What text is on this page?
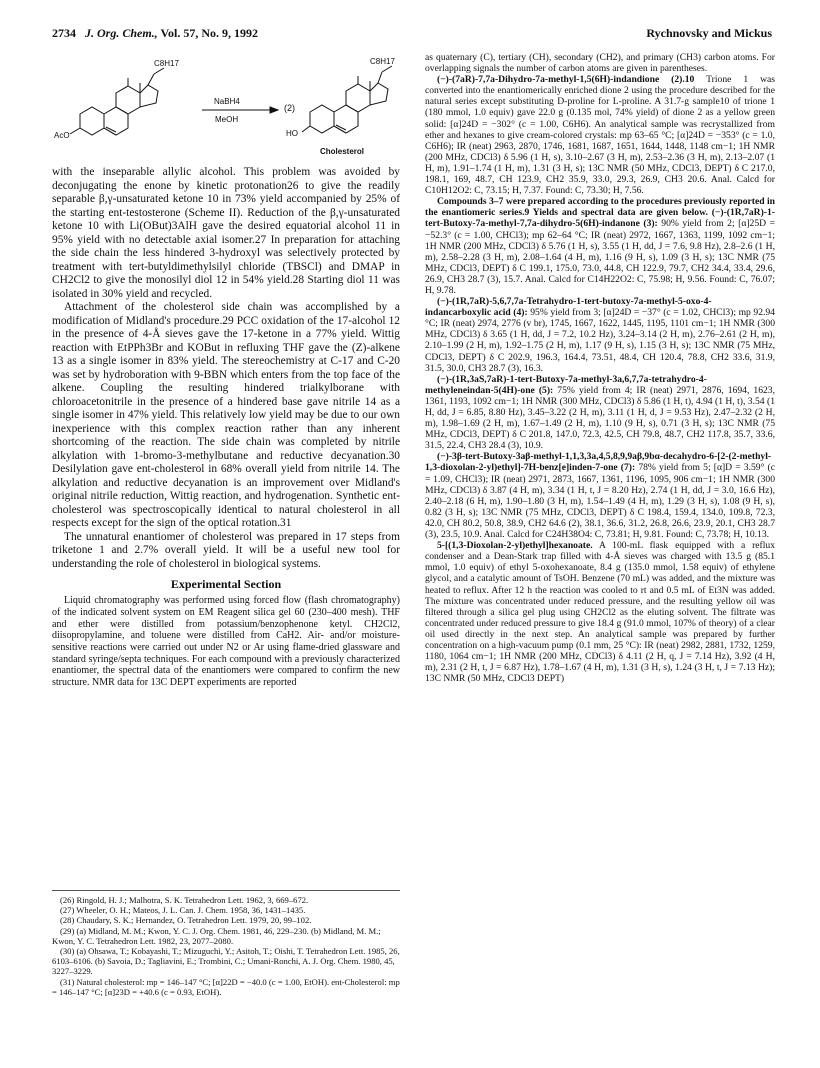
2734 J. Org. Chem., Vol. 57, No. 9, 1992	Rychnovsky and Mickus
C8H17	C8H17
NaBH4
MeOH
(2)
AcO	HO
Cholesterol

with the inseparable allylic alcohol. This problem was avoided by deconjugating the enone by kinetic protonation26 to give the readily separable β,γ-unsaturated ketone 10 in 73% yield accompanied by 25% of the starting ent-testosterone (Scheme II). Reduction of the β,γ-unsaturated ketone 10 with Li(OBut)3AlH gave the desired equatorial alcohol 11 in 95% yield with no detectable axial isomer.27 In preparation for attaching the side chain the less hindered 3-hydroxyl was selectively protected by treatment with tert-butyldimethylsilyl chloride (TBSCl) and DMAP in CH2Cl2 to give the monosilyl diol 12 in 54% yield.28 Starting diol 11 was isolated in 30% yield and recycled.

Attachment of the cholesterol side chain was accomplished by a modification of Midland's procedure.29 PCC oxidation of the 17-alcohol 12 in the presence of 4-Å sieves gave the 17-ketone in a 77% yield. Wittig reaction with EtPPh3Br and KOBut in refluxing THF gave the (Z)-alkene 13 as a single isomer in 83% yield. The stereochemistry at C-17 and C-20 was set by hydroboration with 9-BBN which enters from the top face of the alkene. Coupling the resulting hindered trialkylborane with chloroacetonitrile in the presence of a hindered base gave nitrile 14 as a single isomer in 47% yield. This relatively low yield may be due to our own inexperience with this complex reaction rather than any inherent shortcoming of the reaction. The side chain was completed by nitrile alkylation with 1-bromo-3-methylbutane and reductive decyanation.30 Desilylation gave ent-cholesterol in 68% overall yield from nitrile 14. The alkylation and reductive decyanation is an improvement over Midland's original nitrile reduction, Wittig reaction, and hydrogenation. Synthetic ent-cholesterol was spectroscopically identical to natural cholesterol in all respects except for the sign of the optical rotation.31

The unnatural enantiomer of cholesterol was prepared in 17 steps from triketone 1 and 2.7% overall yield. It will be a useful new tool for understanding the role of cholesterol in biological systems.

Experimental Section

Liquid chromatography was performed using forced flow (flash chromatography) of the indicated solvent system on EM Reagent silica gel 60 (230–400 mesh). THF and ether were distilled from potassium/benzophenone ketyl. CH2Cl2, diisopropylamine, and toluene were distilled from CaH2. Air- and/or moisture-sensitive reactions were carried out under N2 or Ar using flame-dried glassware and standard syringe/septa techniques. For each compound with a previously characterized enantiomer, the spectral data of the enantiomers were compared to confirm the new structure. NMR data for 13C DEPT experiments are reported

(26) Ringold, H. J.; Malhotra, S. K. Tetrahedron Lett. 1962, 3, 669–672.

(27) Wheeler, O. H.; Mateos, J. L. Can. J. Chem. 1958, 36, 1431–1435.

(28) Chaudary, S. K.; Hernandez, O. Tetrahedron Lett. 1979, 20, 99–102.

(29) (a) Midland, M. M.; Kwon, Y. C. J. Org. Chem. 1981, 46, 229–230. (b) Midland, M. M.; Kwon, Y. C. Tetrahedron Lett. 1982, 23, 2077–2080.

(30) (a) Ohsawa, T.; Kobayashi, T.; Mizuguchi, Y.; Asitoh, T.; Oishi, T. Tetrahedron Lett. 1985, 26, 6103–6106. (b) Savoia, D.; Tagliavini, E.; Trombini, C.; Umani-Ronchi, A. J. Org. Chem. 1980, 45, 3227–3229.

(31) Natural cholesterol: mp = 146–147 °C; [α]22D = −40.0 (c = 1.00, EtOH). ent-Cholesterol: mp = 146–147 °C; [α]23D = +40.6 (c = 0.93, EtOH).

as quaternary (C), tertiary (CH), secondary (CH2), and primary (CH3) carbon atoms. For overlapping signals the number of carbon atoms are given in parentheses.

(−)-(7aR)-7,7a-Dihydro-7a-methyl-1,5(6H)-indandione (2).10 Trione 1 was converted into the enantiomerically enriched dione 2 using the procedure described for the natural series except substituting D-proline for L-proline. A 31.7-g sample10 of trione 1 (180 mmol, 1.0 equiv) gave 22.0 g (0.135 mol, 74% yield) of dione 2 as a yellow green solid: [α]24D = −302° (c = 1.00, C6H6). An analytical sample was recrystallized from ether and hexanes to give cream-colored crystals: mp 63–65 °C; [α]24D = −353° (c = 1.0, C6H6); IR (neat) 2963, 2870, 1746, 1681, 1687, 1651, 1644, 1448, 1148 cm−1; 1H NMR (200 MHz, CDCl3) δ 5.96 (1 H, s), 3.10–2.67 (3 H, m), 2.53–2.36 (3 H, m), 2.13–2.07 (1 H, m), 1.91–1.74 (1 H, m), 1.31 (3 H, s); 13C NMR (50 MHz, CDCl3, DEPT) δ C 217.0, 198.1, 169, 48.7, CH 123.9, CH2 35.9, 33.0, 29.3, 26.9, CH3 20.6. Anal. Calcd for C10H12O2: C, 73.15; H, 7.37. Found: C, 73.30; H, 7.56.

Compounds 3–7 were prepared according to the procedures previously reported in the enantiomeric series.9 Yields and spectral data are given below. (−)-(1R,7aR)-1-tert-Butoxy-7a-methyl-7,7a-dihydro-5(6H)-indanone (3): 90% yield from 2; [α]25D = −52.3° (c = 1.00, CHCl3); mp 62–64 °C; IR (neat) 2972, 1667, 1363, 1199, 1092 cm−1; 1H NMR (200 MHz, CDCl3) δ 5.76 (1 H, s), 3.55 (1 H, dd, J = 7.6, 9.8 Hz), 2.8–2.6 (1 H, m), 2.58–2.28 (3 H, m), 2.08–1.64 (4 H, m), 1.16 (9 H, s), 1.09 (3 H, s); 13C NMR (75 MHz, CDCl3, DEPT) δ C 199.1, 175.0, 73.0, 44.8, CH 122.9, 79.7, CH2 34.4, 33.4, 29.6, 26.9, CH3 28.7 (3), 15.7. Anal. Calcd for C14H22O2: C, 75.98; H, 9.56. Found: C, 76.07; H, 9.78.

(−)-(1R,7aR)-5,6,7,7a-Tetrahydro-1-tert-butoxy-7a-methyl-5-oxo-4-indancarboxylic acid (4): 95% yield from 3; [α]24D = −37° (c = 1.02, CHCl3); mp 92.94 °C; IR (neat) 2974, 2776 (v br), 1745, 1667, 1622, 1445, 1195, 1101 cm−1; 1H NMR (300 MHz, CDCl3) δ 3.65 (1 H, dd, J = 7.2, 10.2 Hz), 3.24–3.14 (2 H, m), 2.76–2.61 (2 H, m), 2.10–1.99 (2 H, m), 1.92–1.75 (2 H, m), 1.17 (9 H, s), 1.15 (3 H, s); 13C NMR (75 MHz, CDCl3, DEPT) δ C 202.9, 196.3, 164.4, 73.51, 48.4, CH 120.4, 78.8, CH2 33.6, 31.9, 31.5, 30.0, CH3 28.7 (3), 16.3.

(−)-(1R,3aS,7aR)-1-tert-Butoxy-7a-methyl-3a,6,7,7a-tetrahydro-4-methyleneindan-5(4H)-one (5): 75% yield from 4; IR (neat) 2971, 2876, 1694, 1623, 1361, 1193, 1092 cm−1; 1H NMR (300 MHz, CDCl3) δ 5.86 (1 H, t), 4.94 (1 H, t), 3.54 (1 H, dd, J = 6.85, 8.80 Hz), 3.45–3.22 (2 H, m), 3.11 (1 H, d, J = 9.53 Hz), 2.47–2.32 (2 H, m), 1.98–1.69 (2 H, m), 1.67–1.49 (2 H, m), 1.10 (9 H, s), 0.71 (3 H, s); 13C NMR (75 MHz, CDCl3, DEPT) δ C 201.8, 147.0, 72.3, 42.5, CH 79.8, 48.7, CH2 117.8, 35.7, 33.6, 31.5, 22.4, CH3 28.4 (3), 10.9.

(−)-3β-tert-Butoxy-3aβ-methyl-1,1,3,3a,4,5,8,9,9aβ,9bα-decahydro-6-[2-(2-methyl-1,3-dioxolan-2-yl)ethyl]-7H-benz[e]inden-7-one (7): 78% yield from 5; [α]D = 3.59° (c = 1.09, CHCl3); IR (neat) 2971, 2873, 1667, 1361, 1196, 1095, 906 cm−1; 1H NMR (300 MHz, CDCl3) δ 3.87 (4 H, m), 3.34 (1 H, t, J = 8.20 Hz), 2.74 (1 H, dd, J = 3.0, 16.6 Hz), 2.40–2.18 (6 H, m), 1.90–1.80 (3 H, m), 1.54–1.49 (4 H, m), 1.29 (3 H, s), 1.08 (9 H, s), 0.82 (3 H, s); 13C NMR (75 MHz, CDCl3, DEPT) δ C 198.4, 159.4, 134.0, 109.8, 72.3, 42.0, CH 80.2, 50.8, 38.9, CH2 64.6 (2), 38.1, 36.6, 31.2, 26.8, 26.6, 23.9, 20.1, CH3 28.7 (3), 23.5, 10.9. Anal. Calcd for C24H38O4: C, 73.81; H, 9.81. Found: C, 73.78; H, 10.13.

5-[(1,3-Dioxolan-2-yl)ethyl]hexanoate. A 100-mL flask equipped with a reflux condenser and a Dean-Stark trap filled with 4-Å sieves was charged with 13.5 g (85.1 mmol, 1.0 equiv) of ethyl 5-oxohexanoate, 8.4 g (135.0 mmol, 1.58 equiv) of ethylene glycol, and a catalytic amount of TsOH. Benzene (70 mL) was added, and the mixture was heated to reflux. After 12 h the reaction was cooled to rt and 0.5 mL of Et3N was added. The mixture was concentrated under reduced pressure, and the resulting yellow oil was filtered through a silica gel plug using CH2Cl2 as the eluting solvent. The filtrate was concentrated under reduced pressure to give 18.4 g (91.0 mmol, 107% of theory) of a clear oil used directly in the next step. An analytical sample was prepared by further concentration on a high-vacuum pump (0.1 mm, 25 °C): IR (neat) 2982, 2881, 1732, 1259, 1180, 1064 cm−1; 1H NMR (200 MHz, CDCl3) δ 4.11 (2 H, q, J = 7.14 Hz), 3.92 (4 H, m), 2.31 (2 H, t, J = 6.87 Hz), 1.78–1.67 (4 H, m), 1.31 (3 H, s), 1.24 (3 H, t, J = 7.13 Hz); 13C NMR (50 MHz, CDCl3 DEPT)
